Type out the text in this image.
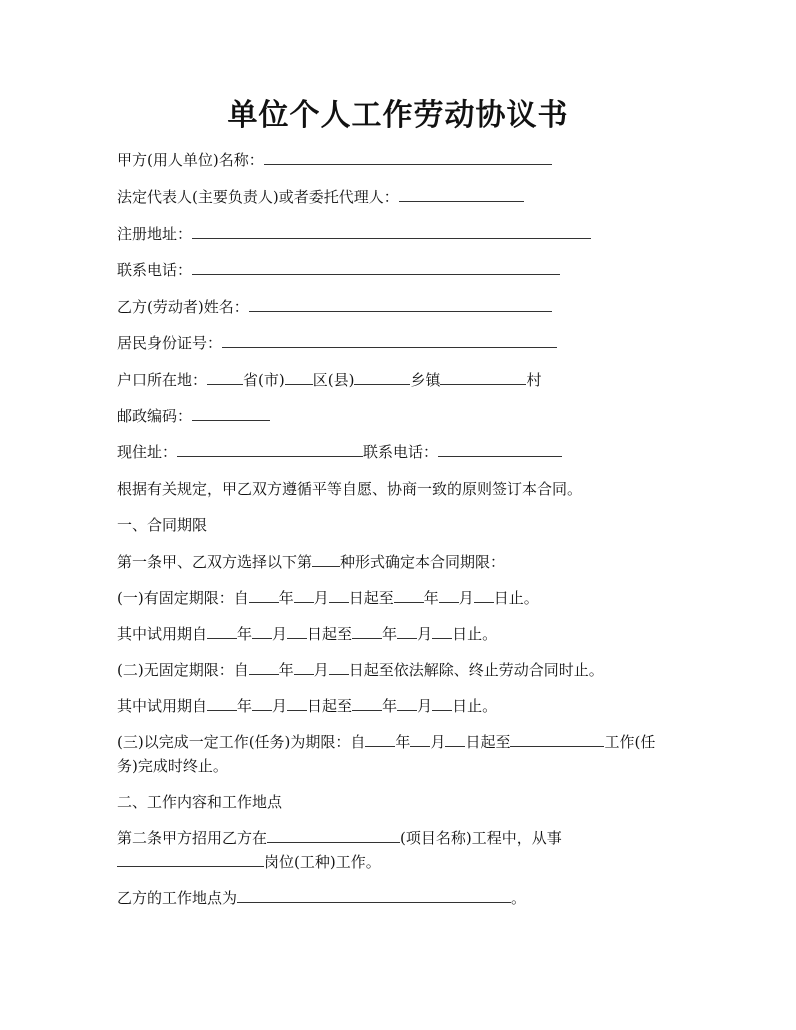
单位个人工作劳动协议书
甲方(用人单位)名称：
法定代表人(主要负责人)或者委托代理人：
注册地址：
联系电话：
乙方(劳动者)姓名：
居民身份证号：
户口所在地： 省(市) 区(县)	乡镇	村
邮政编码：
现住址：	联系电话：
根据有关规定，甲乙双方遵循平等自愿、协商一致的原则签订本合同。
一、合同期限
第一条甲、乙双方选择以下第 种形式确定本合同期限：
(一)有固定期限：自 年 月 日起至 年 月 日止。
其中试用期自 年 月 日起至 年 月 日止。
(二)无固定期限：自 年 月 日起至依法解除、终止劳动合同时止。
其中试用期自 年 月 日起至 年 月 日止。
(三)以完成一定工作(任务)为期限：自 年 月 日起至	工作(任
务)完成时终止。
二、工作内容和工作地点
第二条甲方招用乙方在	(项目名称)工程中，从事
岗位(工种)工作。
乙方的工作地点为	。
